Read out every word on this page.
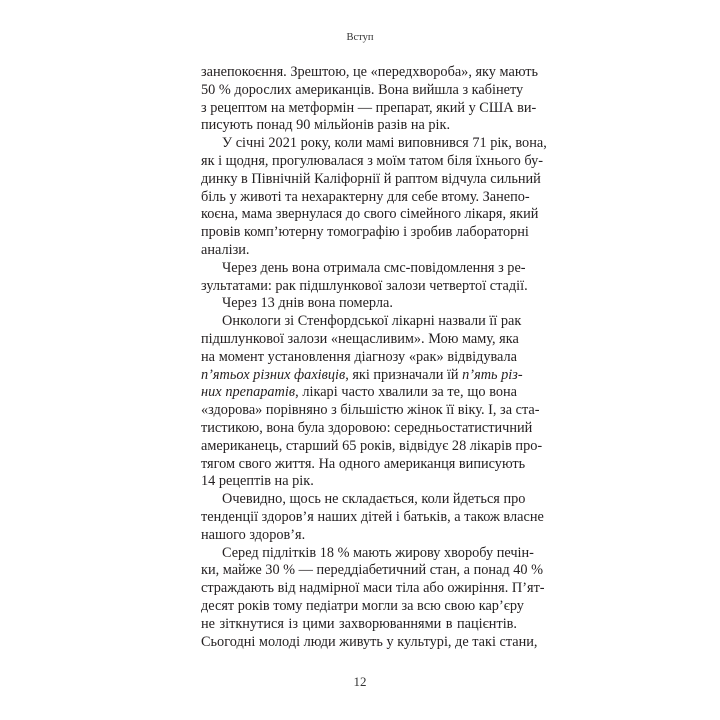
Вступ

занепокоєння. Зрештою, це «передхвороба», яку мають
50 % дорослих американців. Вона вийшла з кабінету
з рецептом на метформін — препарат, який у США ви-
писують понад 90 мільйонів разів на рік.

У січні 2021 року, коли мамі виповнився 71 рік, вона,
як і щодня, прогулювалася з моїм татом біля їхнього бу-
динку в Північній Каліфорнії й раптом відчула сильний
біль у животі та нехарактерну для себе втому. Занепо-
коєна, мама звернулася до свого сімейного лікаря, який
провів комп’ютерну томографію і зробив лабораторні
аналізи.

Через день вона отримала смс-повідомлення з ре-
зультатами: рак підшлункової залози четвертої стадії.

Через 13 днів вона померла.

Онкологи зі Стенфордської лікарні назвали її рак
підшлункової залози «нещасливим». Мою маму, яка
на момент установлення діагнозу «рак» відвідувала
п’ятьох різних фахівців, які призначали їй п’ять різ-
них препаратів, лікарі часто хвалили за те, що вона
«здорова» порівняно з більшістю жінок її віку. І, за ста-
тистикою, вона була здоровою: середньостатистичний
американець, старший 65 років, відвідує 28 лікарів про-
тягом свого життя. На одного американця виписують
14 рецептів на рік.

Очевидно, щось не складається, коли йдеться про
тенденції здоров’я наших дітей і батьків, а також власне
нашого здоров’я.

Серед підлітків 18 % мають жирову хворобу печін-
ки, майже 30 % — переддіабетичний стан, а понад 40 %
страждають від надмірної маси тіла або ожиріння. П’ят-
десят років тому педіатри могли за всю свою кар’єру
не зіткнутися із цими захворюваннями в пацієнтів.
Сьогодні молоді люди живуть у культурі, де такі стани,

12
